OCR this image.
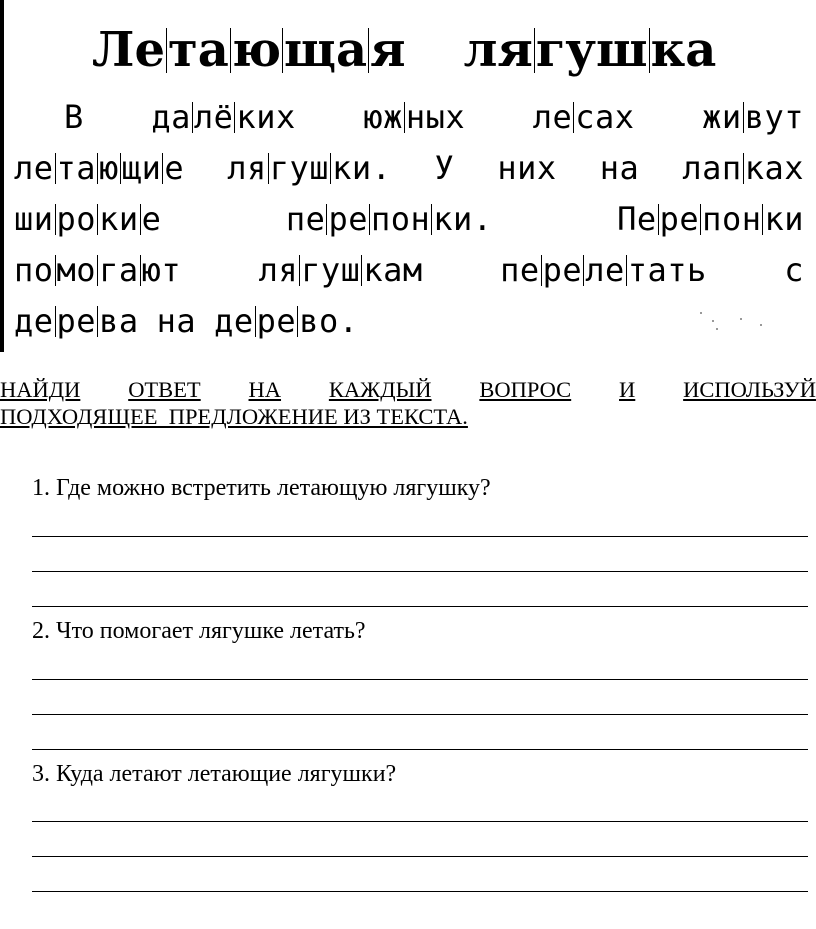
Летающая лягушка
В далёких южных лесах живут
летающие лягушки. У них на лапках
широкие	перепонки.	Перепонки
помогают лягушкам перелетать с
дерева на дерево.
НАЙДИ ОТВЕТ НА КАЖДЫЙ ВОПРОС И ИСПОЛЬЗУЙ
ПОДХОДЯЩЕЕ  ПРЕДЛОЖЕНИЕ ИЗ ТЕКСТА.
1. Где можно встретить летающую лягушку?
2. Что помогает лягушке летать?
3. Куда летают летающие лягушки?
